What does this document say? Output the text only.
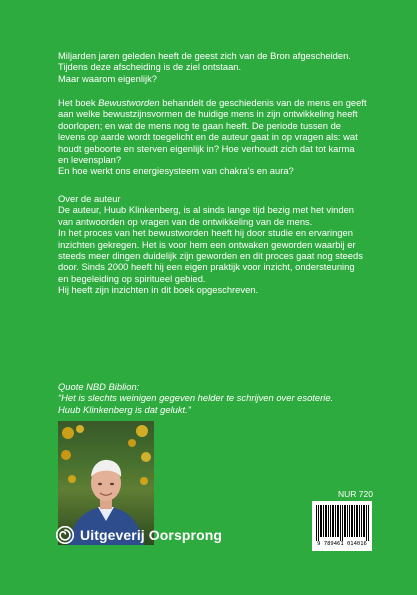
Miljarden jaren geleden heeft de geest zich van de Bron afgescheiden.
Tijdens deze afscheiding is de ziel ontstaan.
Maar waarom eigenlijk?
Het boek Bewustworden behandelt de geschiedenis van de mens en geeft
aan welke bewustzijnsvormen de huidige mens in zijn ontwikkeling heeft
doorlopen; en wat de mens nog te gaan heeft. De periode tussen de
levens op aarde wordt toegelicht en de auteur gaat in op vragen als: wat
houdt geboorte en sterven eigenlijk in? Hoe verhoudt zich dat tot karma
en levensplan?
En hoe werkt ons energiesysteem van chakra's en aura?
Over de auteur
De auteur, Huub Klinkenberg, is al sinds lange tijd bezig met het vinden
van antwoorden op vragen van de ontwikkeling van de mens.
In het proces van het bewustworden heeft hij door studie en ervaringen
inzichten gekregen. Het is voor hem een ontwaken geworden waarbij er
steeds meer dingen duidelijk zijn geworden en dit proces gaat nog steeds
door. Sinds 2000 heeft hij een eigen praktijk voor inzicht, ondersteuning
en begeleiding op spiritueel gebied.
Hij heeft zijn inzichten in dit boek opgeschreven.
Quote NBD Biblion:
“Het is slechts weinigen gegeven helder te schrijven over esoterie.
Huub Klinkenberg is dat gelukt.”
NUR 720
9 789461 014016
Uitgeverij Oorsprong
